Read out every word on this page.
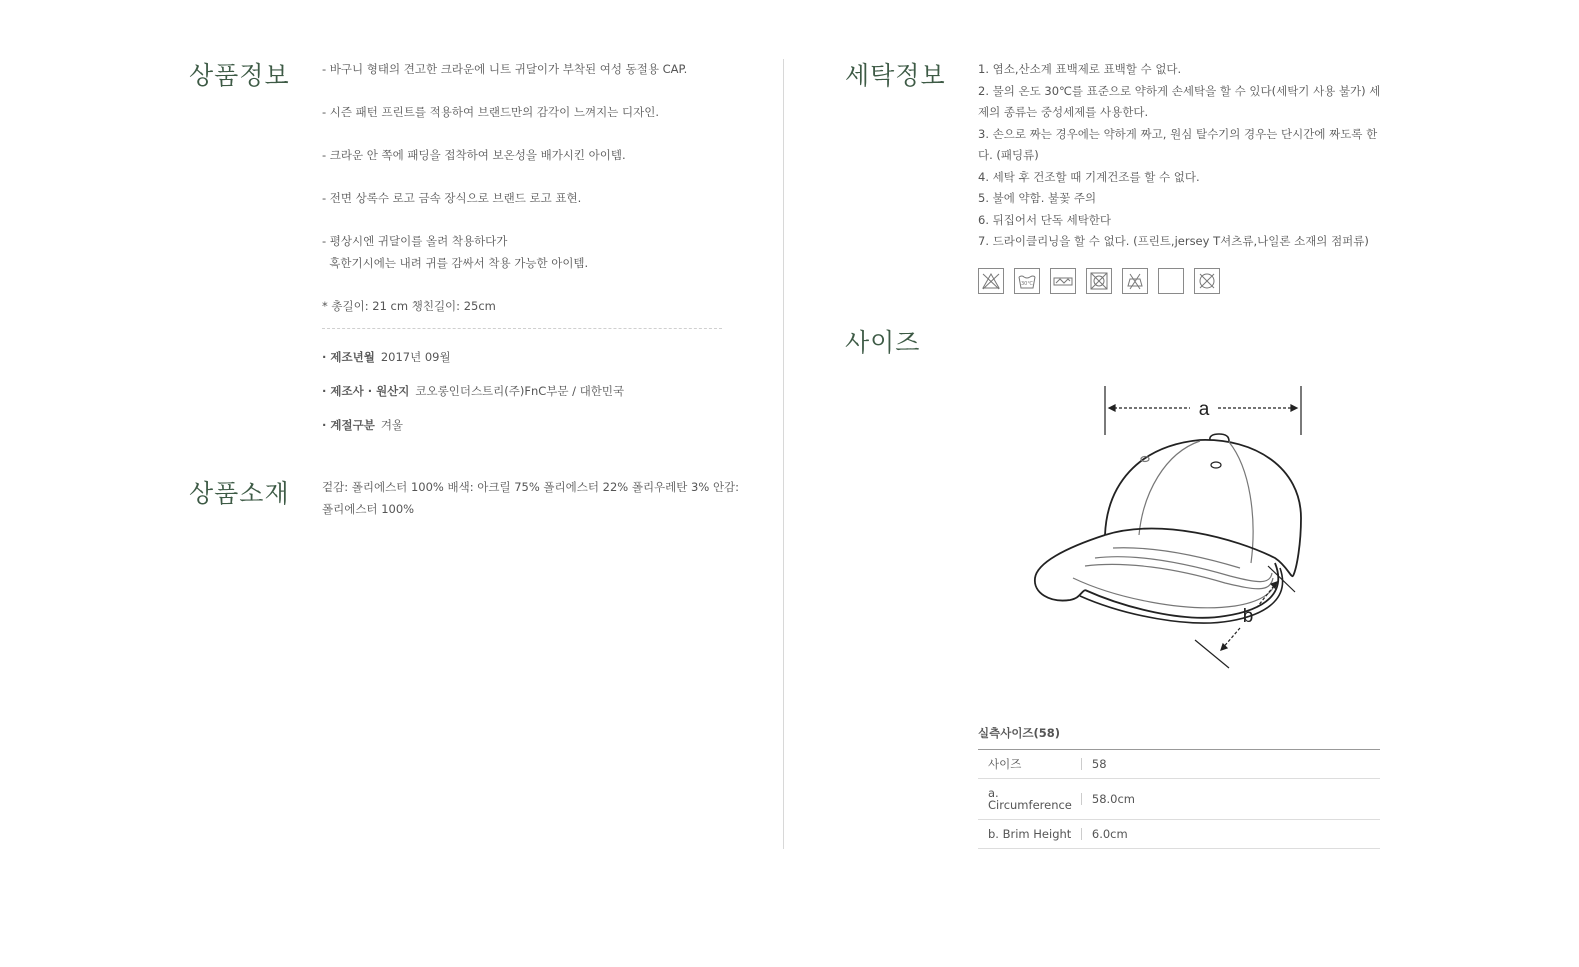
상품정보	- 바구니 형태의 견고한 크라운에 니트 귀달이가 부착된 여성 동절용 CAP.

- 시즌 패턴 프린트를 적용하여 브랜드만의 감각이 느껴지는 디자인.

- 크라운 안 쪽에 패딩을 접착하여 보온성을 배가시킨 아이템.

- 전면 상록수 로고 금속 장식으로 브랜드 로고 표현.

- 평상시엔 귀달이를 올려 착용하다가

혹한기시에는 내려 귀를 감싸서 착용 가능한 아이템.

* 총길이: 21 cm 챙친길이: 25cm

· 제조년월 2017년 09월
· 제조사 · 원산지 코오롱인더스트리(주)FnC부문 / 대한민국
· 계절구분 겨울
상품소재	겉감: 폴리에스터 100% 배색: 아크릴 75% 폴리에스터 22% 폴리우레탄 3% 안감:

폴리에스터 100%

세탁정보	1. 염소,산소계 표백제로 표백할 수 없다.

2. 물의 온도 30℃를 표준으로 약하게 손세탁을 할 수 있다(세탁기 사용 불가) 세

제의 종류는 중성세제를 사용한다.

3. 손으로 짜는 경우에는 약하게 짜고, 원심 탈수기의 경우는 단시간에 짜도록 한

다. (패딩류)

4. 세탁 후 건조할 때 기계건조를 할 수 없다.

5. 불에 약함. 불꽃 주의

6. 뒤집어서 단독 세탁한다

7. 드라이클리닝을 할 수 없다. (프린트,jersey T셔츠류,나일론 소재의 점퍼류)

30℃
사이즈
a
b
실측사이즈(58)
사이즈	58
a. Circumference	58.0cm
b. Brim Height	6.0cm
